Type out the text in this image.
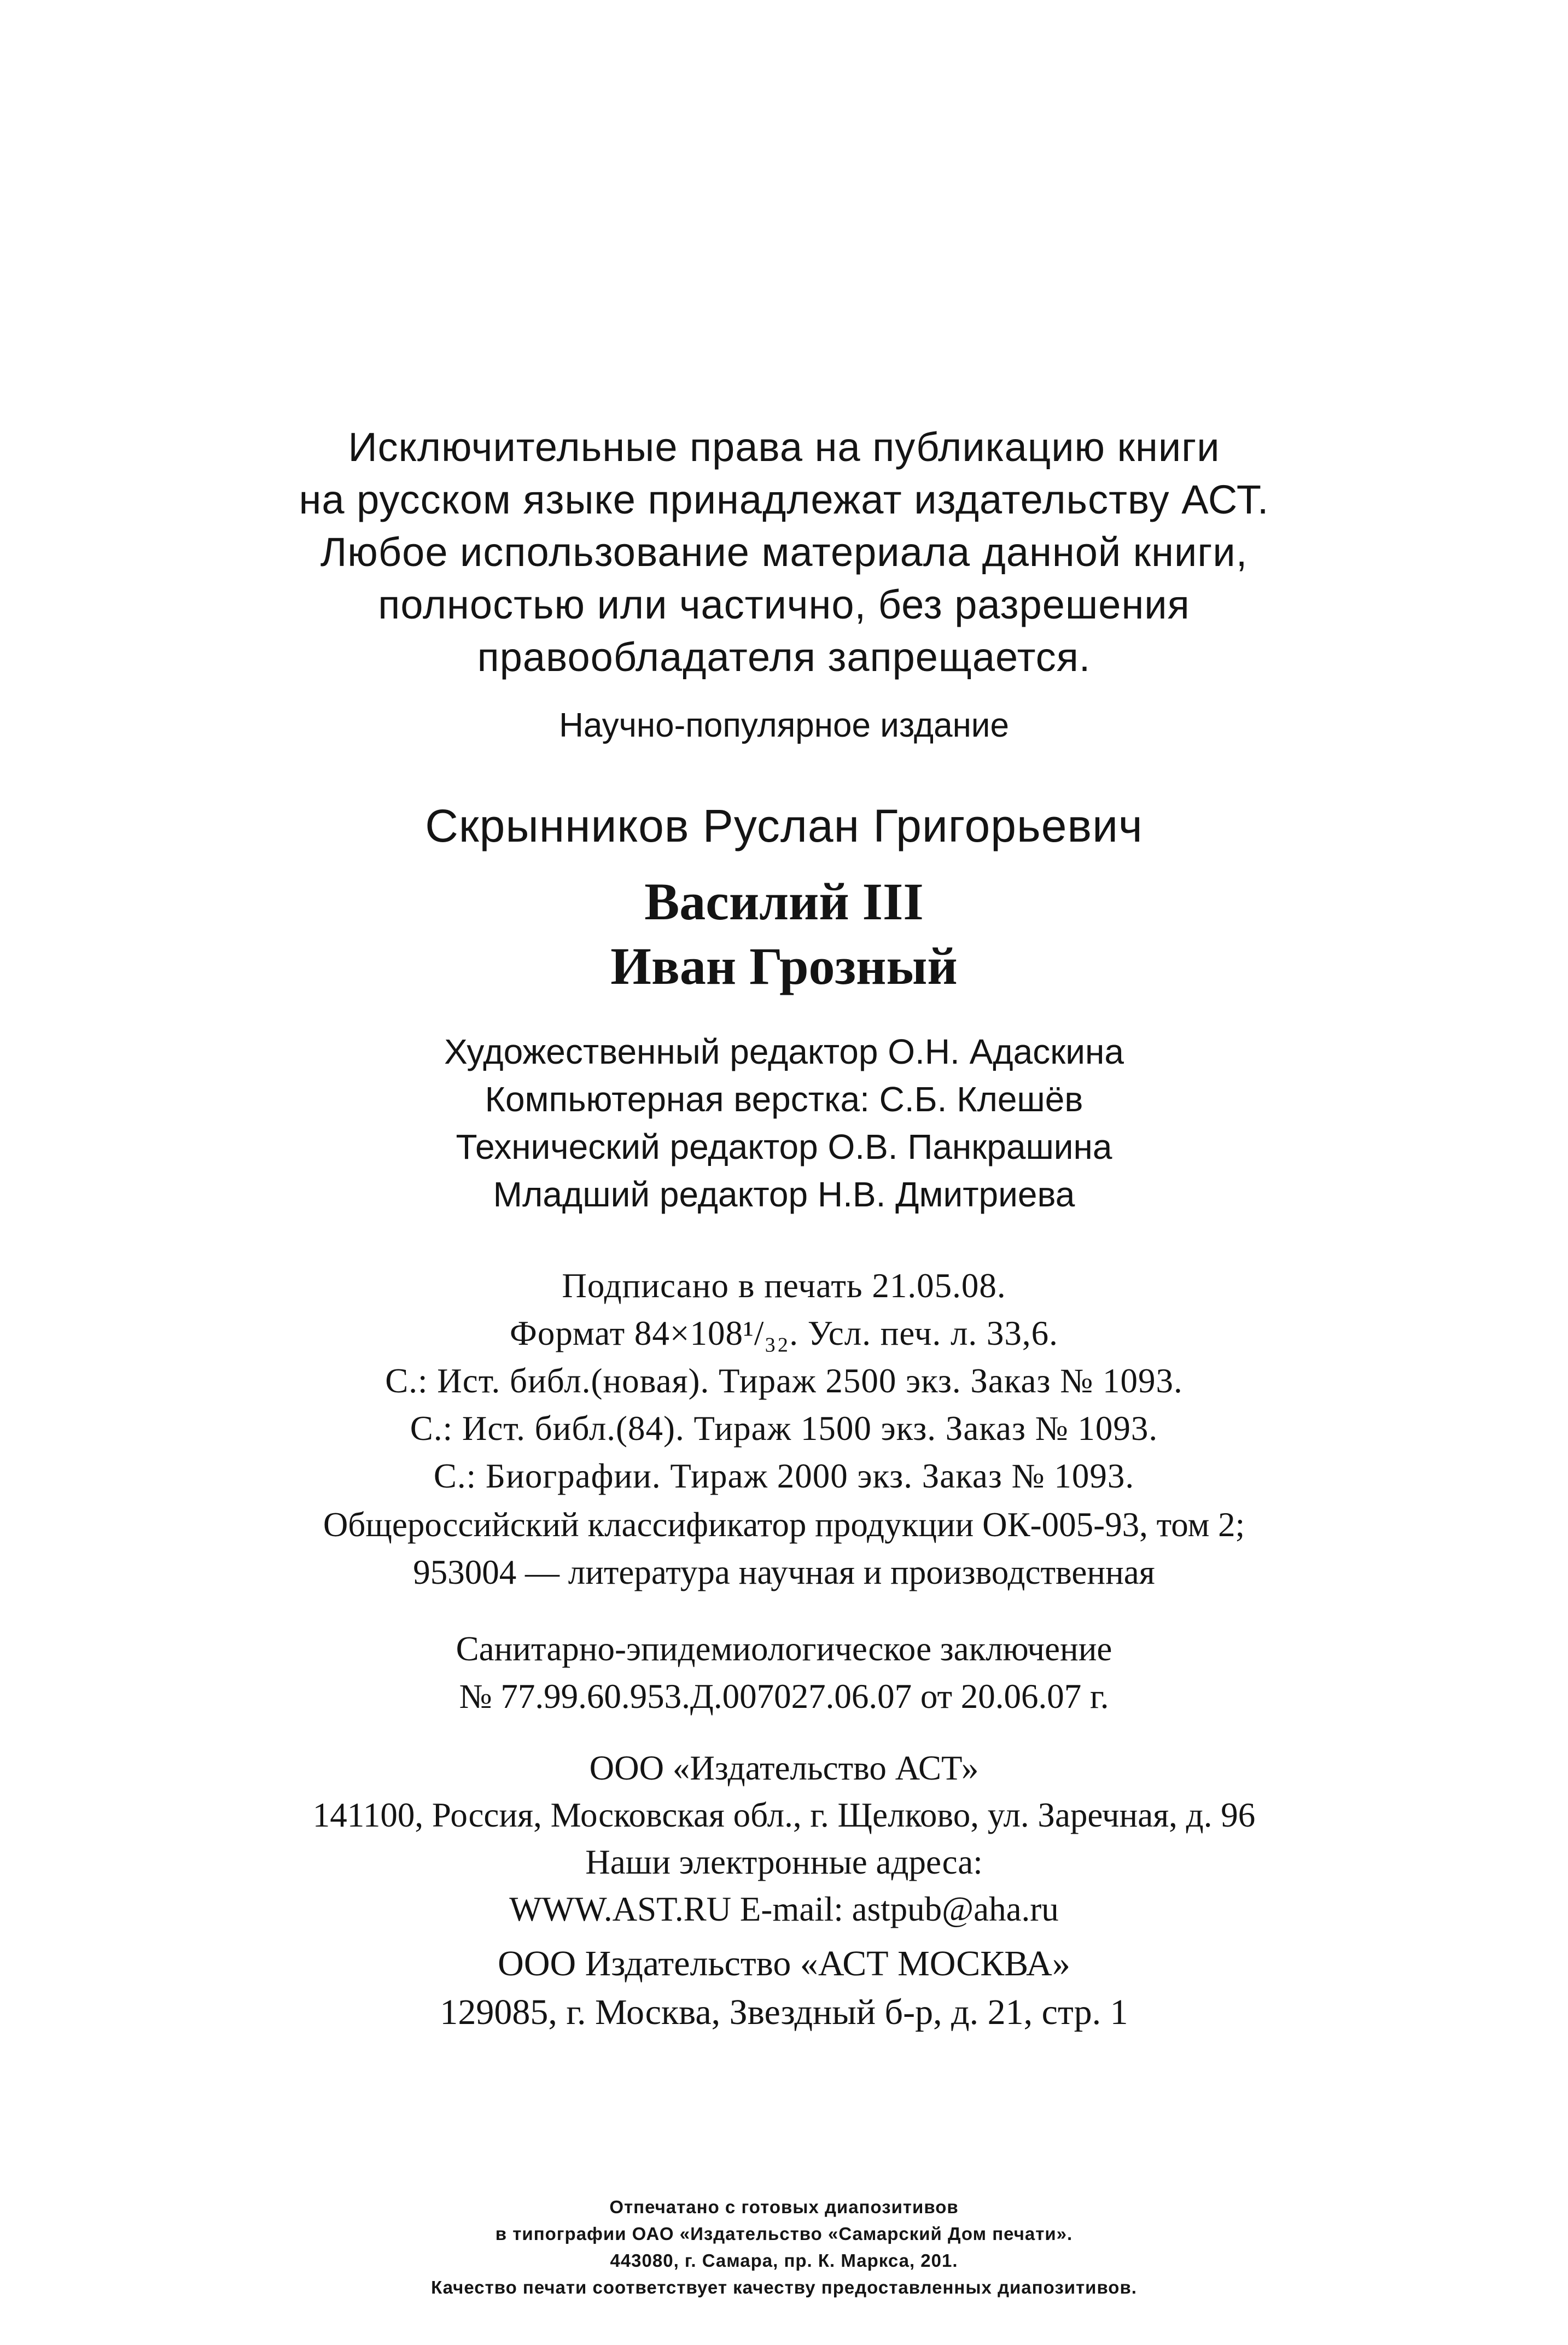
Исключительные права на публикацию книги
на русском языке принадлежат издательству АСТ.
Любое использование материала данной книги,
полностью или частично, без разрешения
правообладателя запрещается.
Научно-популярное издание
Скрынников Руслан Григорьевич
Василий III
Иван Грозный
Художественный редактор О.Н. Адаскина
Компьютерная верстка: С.Б. Клешёв
Технический редактор О.В. Панкрашина
Младший редактор Н.В. Дмитриева
Подписано в печать 21.05.08.
Формат 84×108¹/₃₂. Усл. печ. л. 33,6.
С.: Ист. библ.(новая). Тираж 2500 экз. Заказ № 1093.
С.: Ист. библ.(84). Тираж 1500 экз. Заказ № 1093.
С.: Биографии. Тираж 2000 экз. Заказ № 1093.
Общероссийский классификатор продукции ОК-005-93, том 2;
953004 — литература научная и производственная
Санитарно-эпидемиологическое заключение
№ 77.99.60.953.Д.007027.06.07 от 20.06.07 г.
ООО «Издательство АСТ»
141100, Россия, Московская обл., г. Щелково, ул. Заречная, д. 96
Наши электронные адреса:
WWW.AST.RU E-mail: astpub@aha.ru
ООО Издательство «АСТ МОСКВА»
129085, г. Москва, Звездный б-р, д. 21, стр. 1
Отпечатано с готовых диапозитивов
в типографии ОАО «Издательство «Самарский Дом печати».
443080, г. Самара, пр. К. Маркса, 201.
Качество печати соответствует качеству предоставленных диапозитивов.
